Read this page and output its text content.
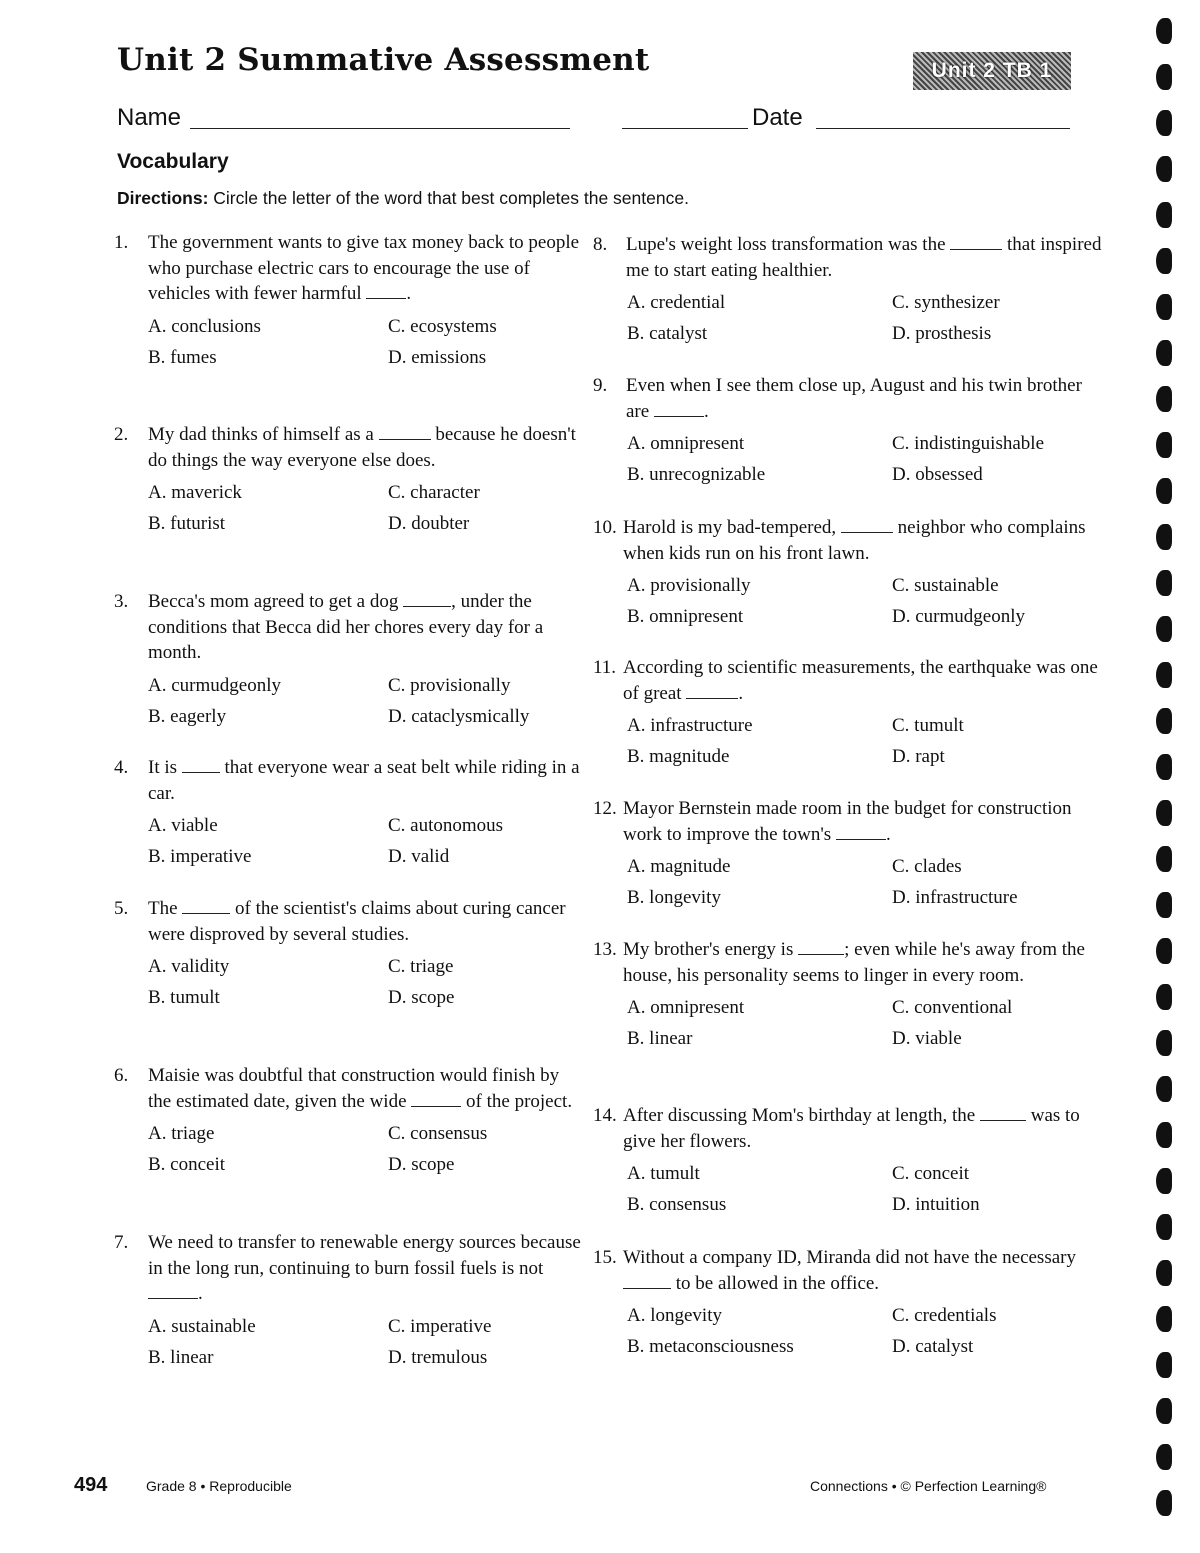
Unit 2 Summative Assessment	Unit 2 TB 1
Name	Date
Vocabulary
Directions: Circle the letter of the word that best completes the sentence.
1. The government wants to give tax money back to people who purchase electric cars to encourage the use of vehicles with fewer harmful .
A. conclusions	C. ecosystems
B. fumes	D. emissions
2. My dad thinks of himself as a	because he doesn't do things the way everyone else does.
A. maverick	C. character
B. futurist	D. doubter
3. Becca's mom agreed to get a dog	, under the conditions that Becca did her chores every day for a month.
A. curmudgeonly	C. provisionally
B. eagerly	D. cataclysmically
4. It is  that everyone wear a seat belt while riding in a car.
A. viable	C. autonomous
B. imperative	D. valid
5. The	of the scientist's claims about curing cancer were disproved by several studies.
A. validity	C. triage
B. tumult	D. scope
6. Maisie was doubtful that construction would finish by the estimated date, given the wide	of the project.
A. triage	C. consensus
B. conceit	D. scope
7. We need to transfer to renewable energy sources because in the long run, continuing to burn fossil fuels is not .
A. sustainable	C. imperative
B. linear	D. tremulous
8. Lupe's weight loss transformation was the	that inspired me to start eating healthier.
A. credential	C. synthesizer
B. catalyst	D. prosthesis
9. Even when I see them close up, August and his twin brother are	.
A. omnipresent	C. indistinguishable
B. unrecognizable	D. obsessed
10. Harold is my bad-tempered,	neighbor who complains when kids run on his front lawn.
A. provisionally	C. sustainable
B. omnipresent	D. curmudgeonly
11. According to scientific measurements, the earthquake was one of great	.
A. infrastructure	C. tumult
B. magnitude	D. rapt
12. Mayor Bernstein made room in the budget for construction work to improve the town's	.
A. magnitude	C. clades
B. longevity	D. infrastructure
13. My brother's energy is ; even while he's away from the house, his personality seems to linger in every room.
A. omnipresent	C. conventional
B. linear	D. viable
14. After discussing Mom's birthday at length, the  was to give her flowers.
A. tumult	C. conceit
B. consensus	D. intuition
15. Without a company ID, Miranda did not have the necessary  to be allowed in the office.
A. longevity	C. credentials
B. metaconsciousness	D. catalyst
494	Grade 8 • Reproducible	Connections • © Perfection Learning®
